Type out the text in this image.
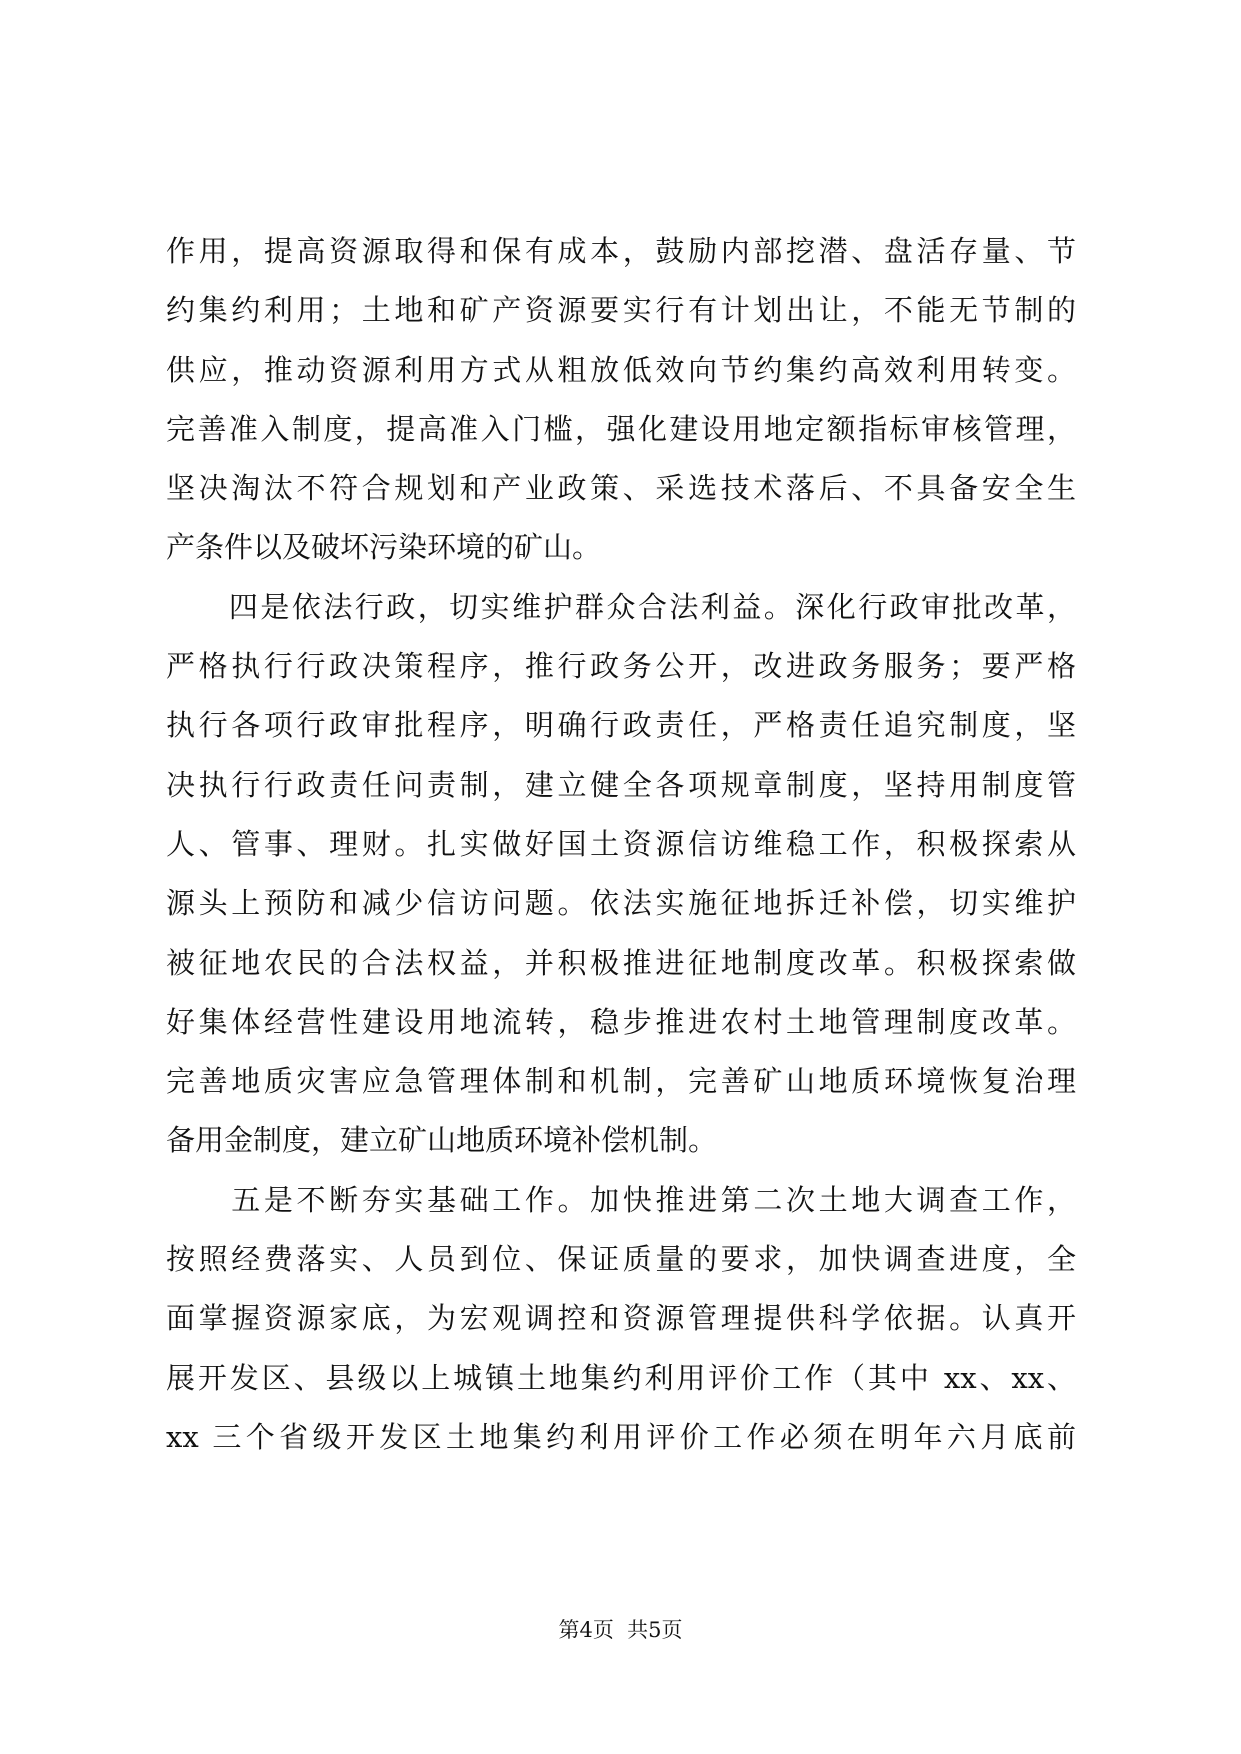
作用，提高资源取得和保有成本，鼓励内部挖潜、盘活存量、节
约集约利用；土地和矿产资源要实行有计划出让，不能无节制的
供应，推动资源利用方式从粗放低效向节约集约高效利用转变。
完善准入制度，提高准入门槛，强化建设用地定额指标审核管理，
坚决淘汰不符合规划和产业政策、采选技术落后、不具备安全生
产条件以及破坏污染环境的矿山。
　　四是依法行政，切实维护群众合法利益。深化行政审批改革，
严格执行行政决策程序，推行政务公开，改进政务服务；要严格
执行各项行政审批程序，明确行政责任，严格责任追究制度，坚
决执行行政责任问责制，建立健全各项规章制度，坚持用制度管
人、管事、理财。扎实做好国土资源信访维稳工作，积极探索从
源头上预防和减少信访问题。依法实施征地拆迁补偿，切实维护
被征地农民的合法权益，并积极推进征地制度改革。积极探索做
好集体经营性建设用地流转，稳步推进农村土地管理制度改革。
完善地质灾害应急管理体制和机制，完善矿山地质环境恢复治理
备用金制度，建立矿山地质环境补偿机制。
　　五是不断夯实基础工作。加快推进第二次土地大调查工作，
按照经费落实、人员到位、保证质量的要求，加快调查进度，全
面掌握资源家底，为宏观调控和资源管理提供科学依据。认真开
展开发区、县级以上城镇土地集约利用评价工作（其中 xx、xx、
xx 三个省级开发区土地集约利用评价工作必须在明年六月底前
第4页  共5页
